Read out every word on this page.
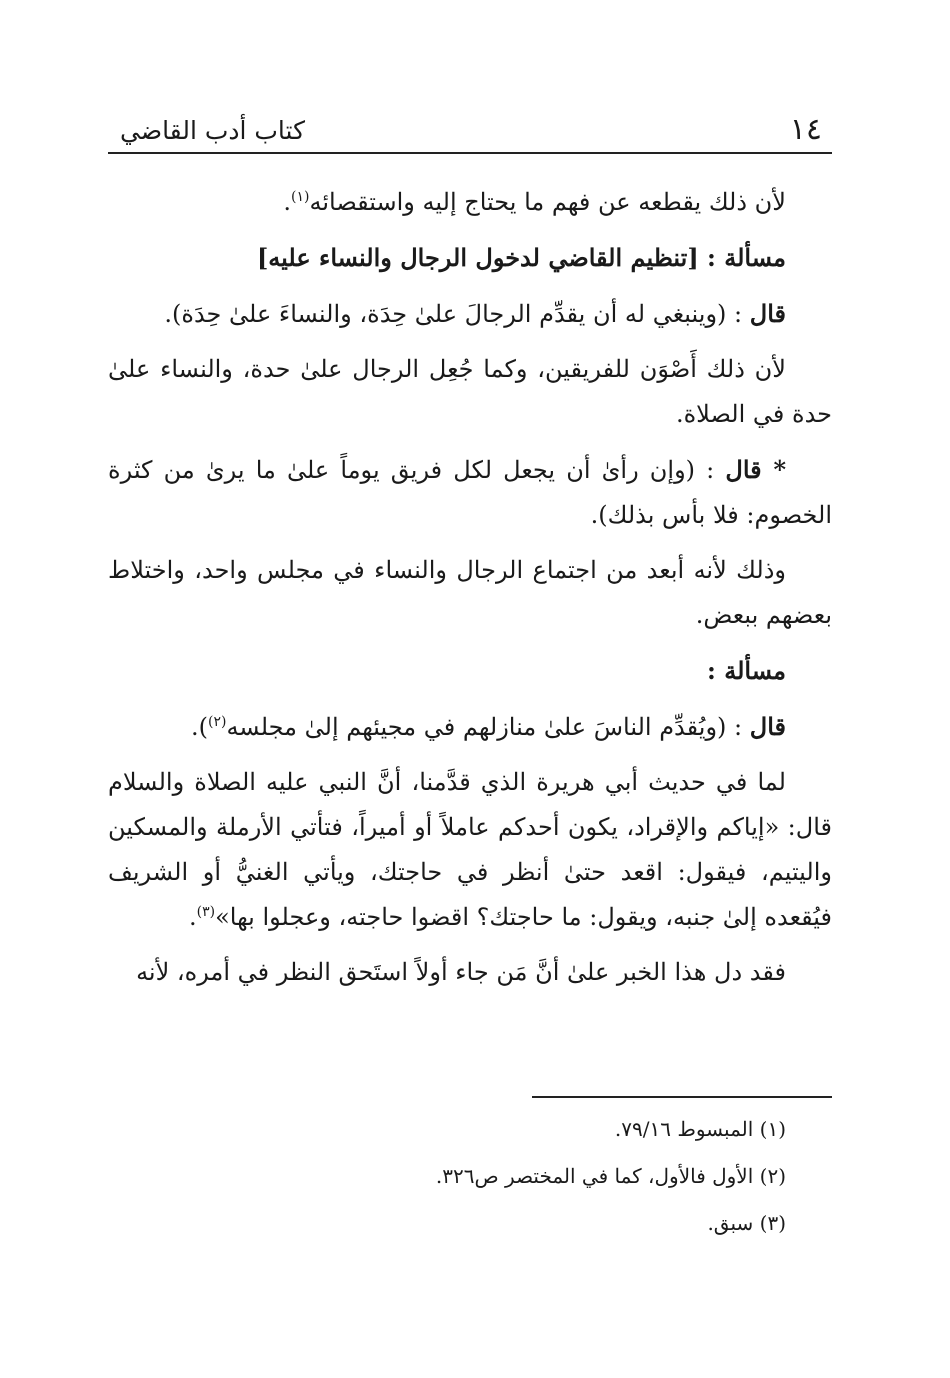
١٤
كتاب أدب القاضي

لأن ذلك يقطعه عن فهم ما يحتاج إليه واستقصائه$^{(١)}$.

مسألة : [تنظيم القاضي لدخول الرجال والنساء عليه]

قال : (وينبغي له أن يقدِّم الرجالَ علىٰ حِدَة، والنساءَ علىٰ حِدَة).

لأن ذلك أَصْوَن للفريقين، وكما جُعِل الرجال علىٰ حدة، والنساء علىٰ حدة في الصلاة.

* قال : (وإن رأىٰ أن يجعل لكل فريق يوماً علىٰ ما يرىٰ من كثرة الخصوم: فلا بأس بذلك).

وذلك لأنه أبعد من اجتماع الرجال والنساء في مجلس واحد، واختلاط بعضهم ببعض.

مسألة :

قال : (ويُقدِّم الناسَ علىٰ منازلهم في مجيئهم إلىٰ مجلسه$^{(٢)}$).

لما في حديث أبي هريرة الذي قدَّمنا، أنَّ النبي عليه الصلاة والسلام قال: «إياكم والإقراد، يكون أحدكم عاملاً أو أميراً، فتأتي الأرملة والمسكين واليتيم، فيقول: اقعد حتىٰ أنظر في حاجتك، ويأتي الغنيُّ أو الشريف فيُقعده إلىٰ جنبه، ويقول: ما حاجتك؟ اقضوا حاجته، وعجلوا بها»$^{(٣)}$.

فقد دل هذا الخبر علىٰ أنَّ مَن جاء أولاً استَحق النظر في أمره، لأنه

(١) المبسوط ٧٩/١٦.
(٢) الأول فالأول، كما في المختصر ص٣٢٦.
(٣) سبق.
